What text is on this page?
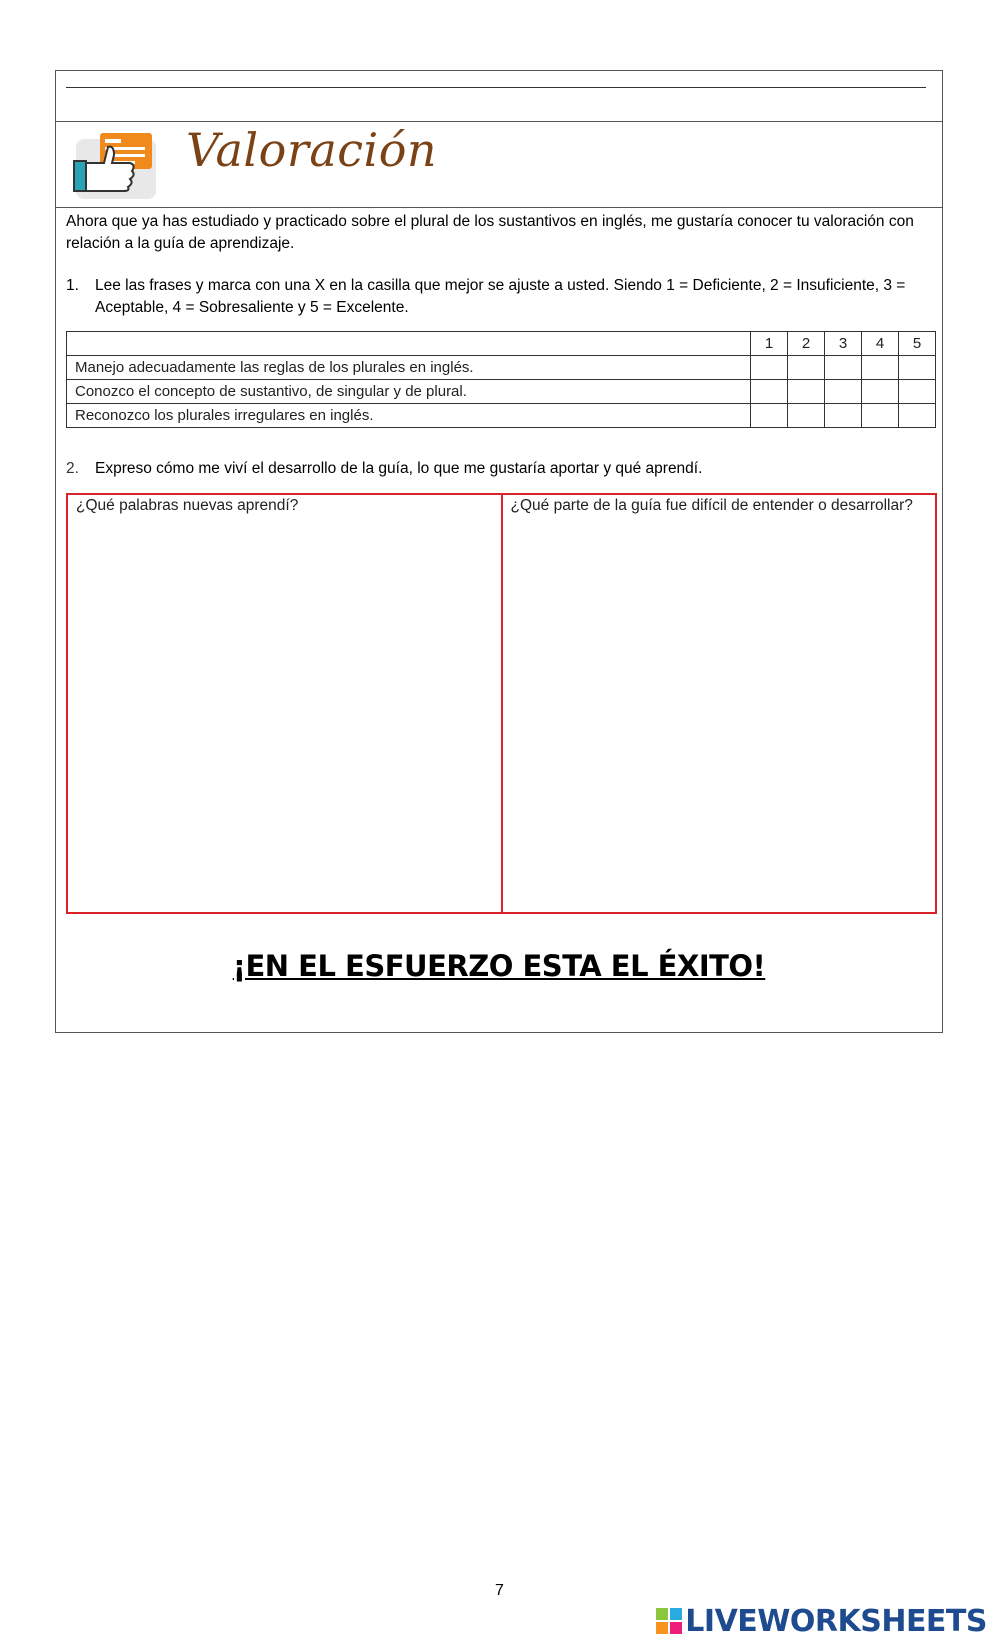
Valoración
Ahora que ya has estudiado y practicado sobre el plural de los sustantivos en inglés, me gustaría conocer tu valoración con relación a la guía de aprendizaje.
1.	Lee las frases y marca con una X en la casilla que mejor se ajuste a usted. Siendo 1 = Deficiente, 2 = Insuficiente, 3 = Aceptable, 4 = Sobresaliente y 5 = Excelente.
	1	2	3	4	5
Manejo adecuadamente las reglas de los plurales en inglés.					
Conozco el concepto de sustantivo, de singular y de plural.					
Reconozco los plurales irregulares en inglés.					
2.	Expreso cómo me viví el desarrollo de la guía, lo que me gustaría aportar y qué aprendí.
¿Qué palabras nuevas aprendí?	¿Qué parte de la guía fue difícil de entender o desarrollar?
¡EN EL ESFUERZO ESTA EL ÉXITO!
7
LIVEWORKSHEETS
